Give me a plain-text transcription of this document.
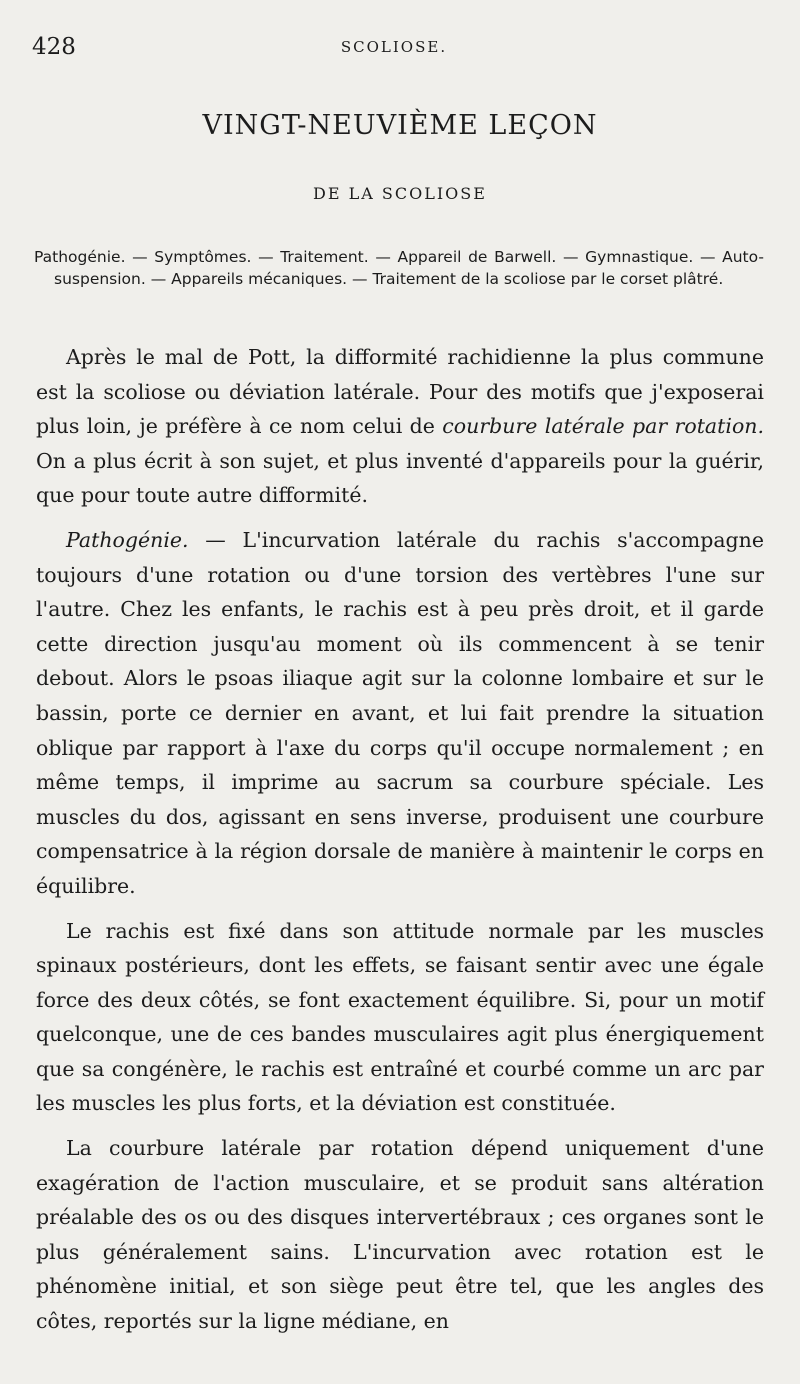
428	SCOLIOSE.
VINGT-NEUVIÈME LEÇON
DE LA SCOLIOSE
Pathogénie. — Symptômes. — Traitement. — Appareil de Barwell. — Gymnastique. — Auto-suspension. — Appareils mécaniques. — Traitement de la scoliose par le corset plâtré.

Après le mal de Pott, la difformité rachidienne la plus commune est la scoliose ou déviation latérale. Pour des motifs que j'exposerai plus loin, je préfère à ce nom celui de courbure latérale par rotation. On a plus écrit à son sujet, et plus inventé d'appareils pour la guérir, que pour toute autre difformité.

Pathogénie. — L'incurvation latérale du rachis s'accompagne toujours d'une rotation ou d'une torsion des vertèbres l'une sur l'autre. Chez les enfants, le rachis est à peu près droit, et il garde cette direction jusqu'au moment où ils commencent à se tenir debout. Alors le psoas iliaque agit sur la colonne lombaire et sur le bassin, porte ce dernier en avant, et lui fait prendre la situation oblique par rapport à l'axe du corps qu'il occupe normalement ; en même temps, il imprime au sacrum sa courbure spéciale. Les muscles du dos, agissant en sens inverse, produisent une courbure compensatrice à la région dorsale de manière à maintenir le corps en équilibre.

Le rachis est fixé dans son attitude normale par les muscles spinaux postérieurs, dont les effets, se faisant sentir avec une égale force des deux côtés, se font exactement équilibre. Si, pour un motif quelconque, une de ces bandes musculaires agit plus énergiquement que sa congénère, le rachis est entraîné et courbé comme un arc par les muscles les plus forts, et la déviation est constituée.

La courbure latérale par rotation dépend uniquement d'une exagération de l'action musculaire, et se produit sans altération préalable des os ou des disques intervertébraux ; ces organes sont le plus généralement sains. L'incurvation avec rotation est le phénomène initial, et son siège peut être tel, que les angles des côtes, reportés sur la ligne médiane, en
